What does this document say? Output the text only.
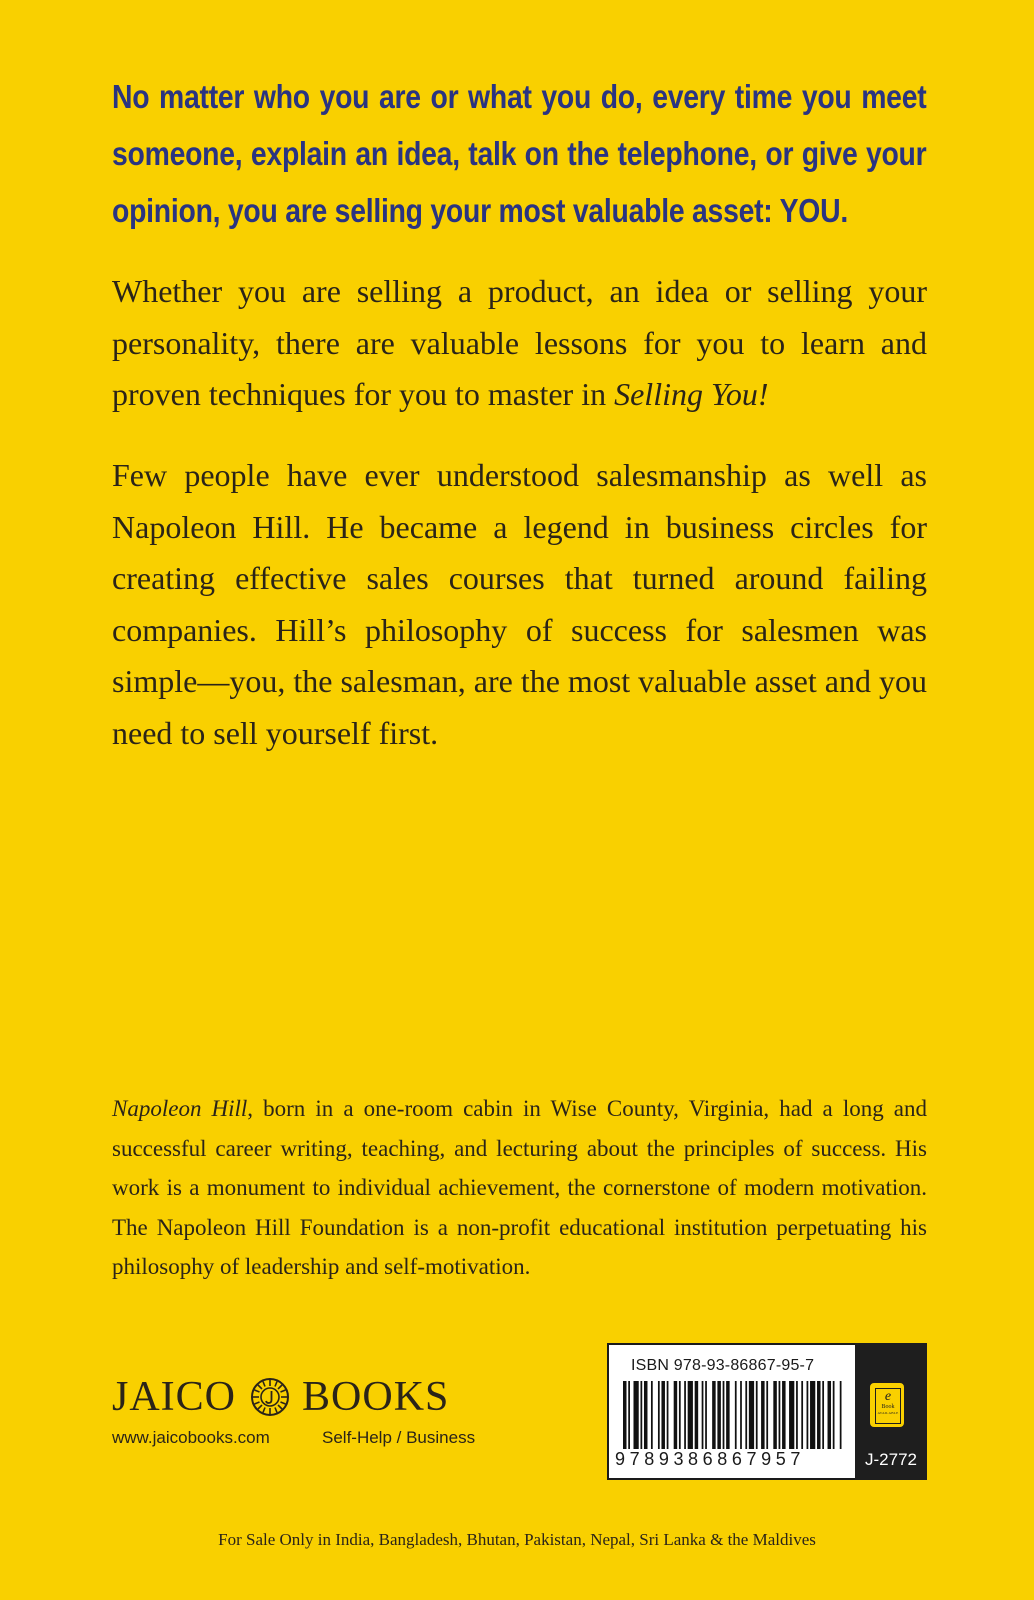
No matter who you are or what you do, every time you meet someone, explain an idea, talk on the telephone, or give your opinion, you are selling your most valuable asset: YOU.

Whether you are selling a product, an idea or selling your personality, there are valuable lessons for you to learn and proven techniques for you to master in Selling You!

Few people have ever understood salesmanship as well as Napoleon Hill. He became a legend in business circles for creating effective sales courses that turned around failing companies. Hill’s philosophy of success for salesmen was simple—you, the salesman, are the most valuable asset and you need to sell yourself first.

Napoleon Hill, born in a one-room cabin in Wise County, Virginia, had a long and successful career writing, teaching, and lecturing about the principles of success. His work is a monument to individual achievement, the cornerstone of modern motivation. The Napoleon Hill Foundation is a non-profit educational institution perpetuating his philosophy of leadership and self-motivation.

JAICO BOOKS
www.jaicobooks.com	Self-Help / Business
ISBN 978-93-86867-95-7
9789386867957
e
Book
AVAILABLE
J-2772
For Sale Only in India, Bangladesh, Bhutan, Pakistan, Nepal, Sri Lanka & the Maldives
